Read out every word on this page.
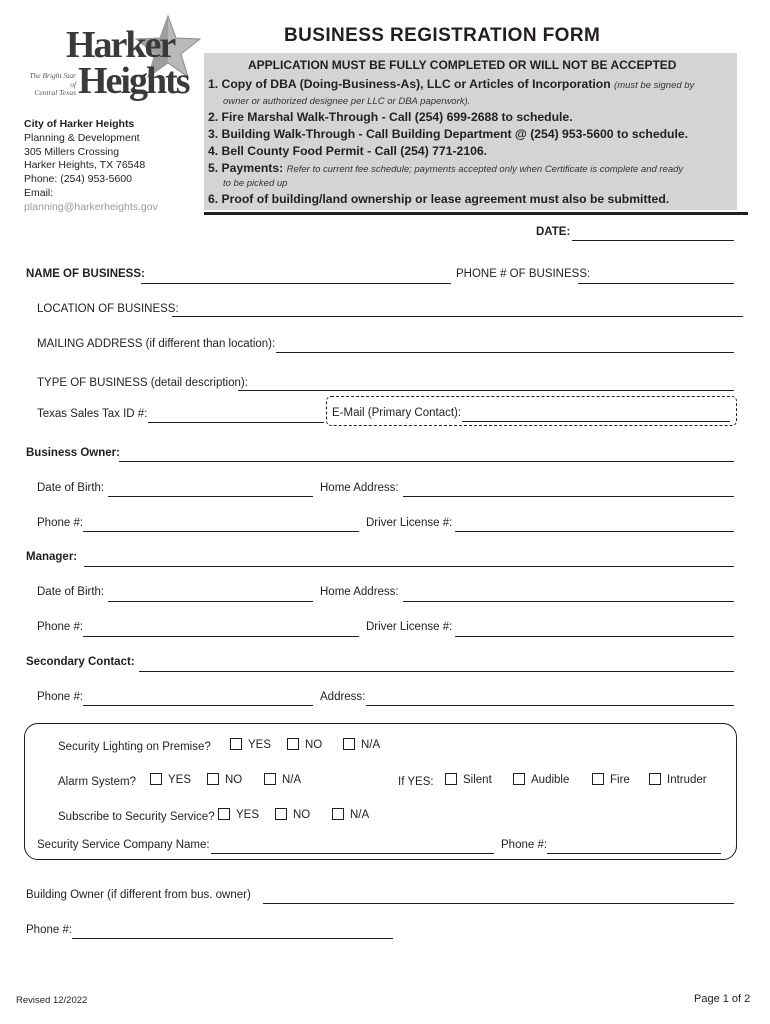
Harker
Heights
The Bright Star of
Central Texas
City of Harker Heights
Planning & Development
305 Millers Crossing
Harker Heights, TX 76548
Phone: (254) 953-5600
Email:
planning@harkerheights.gov
BUSINESS REGISTRATION FORM
APPLICATION MUST BE FULLY COMPLETED OR WILL NOT BE ACCEPTED
1. Copy of DBA (Doing-Business-As), LLC or Articles of Incorporation (must be signed by
owner or authorized designee per LLC or DBA paperwork).
2. Fire Marshal Walk-Through - Call (254) 699-2688 to schedule.
3. Building Walk-Through - Call Building Department @ (254) 953-5600 to schedule.
4. Bell County Food Permit - Call (254) 771-2106.
5. Payments: Refer to current fee schedule; payments accepted only when Certificate is complete and ready
to be picked up
6. Proof of building/land ownership or lease agreement must also be submitted.
DATE:
NAME OF BUSINESS:	PHONE # OF BUSINESS:
LOCATION OF BUSINESS:
MAILING ADDRESS (if different than location):
TYPE OF BUSINESS (detail description):
Texas Sales Tax ID #:	E-Mail (Primary Contact):
Business Owner:
Date of Birth:	Home Address:
Phone #:	Driver License #:
Manager:
Date of Birth:	Home Address:
Phone #:	Driver License #:
Secondary Contact:
Phone #:	Address:
Security Lighting on Premise?	YES	NO	N/A
Alarm System?	YES	NO	N/A	If YES:	Silent	Audible	Fire	Intruder
Subscribe to Security Service? YES	NO	N/A
Security Service Company Name:	Phone #:
Building Owner (if different from bus. owner)
Phone #:
Revised 12/2022	Page 1 of 2
